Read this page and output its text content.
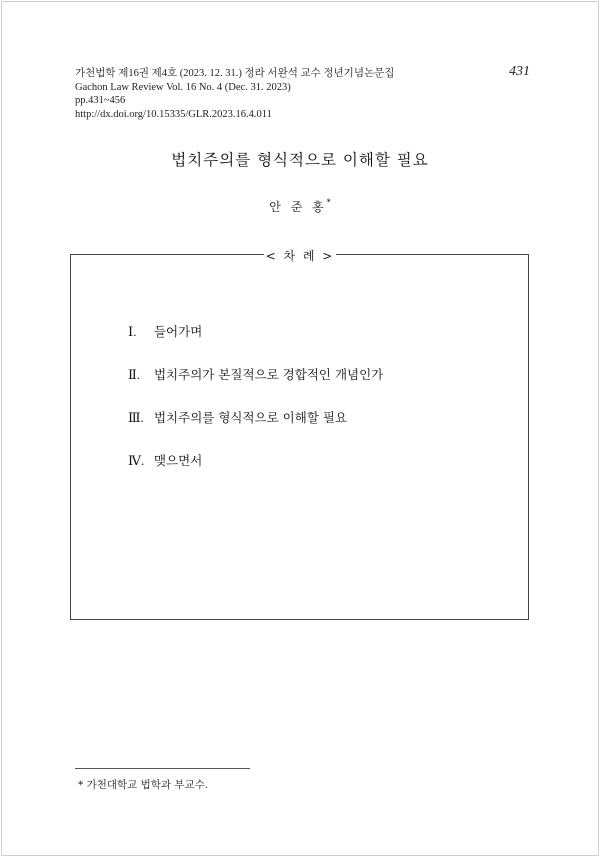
가천법학 제16권 제4호 (2023. 12. 31.) 정라 서완석 교수 정년기념논문집
Gachon Law Review Vol. 16 No. 4 (Dec. 31. 2023)
pp.431~456
http://dx.doi.org/10.15335/GLR.2023.16.4.011
431
법치주의를 형식적으로 이해할 필요
안 준 홍*
< 차 례 >
Ⅰ. 들어가며
Ⅱ. 법치주의가 본질적으로 경합적인 개념인가
Ⅲ. 법치주의를 형식적으로 이해할 필요
Ⅳ. 맺으면서
* 가천대학교 법학과 부교수.
